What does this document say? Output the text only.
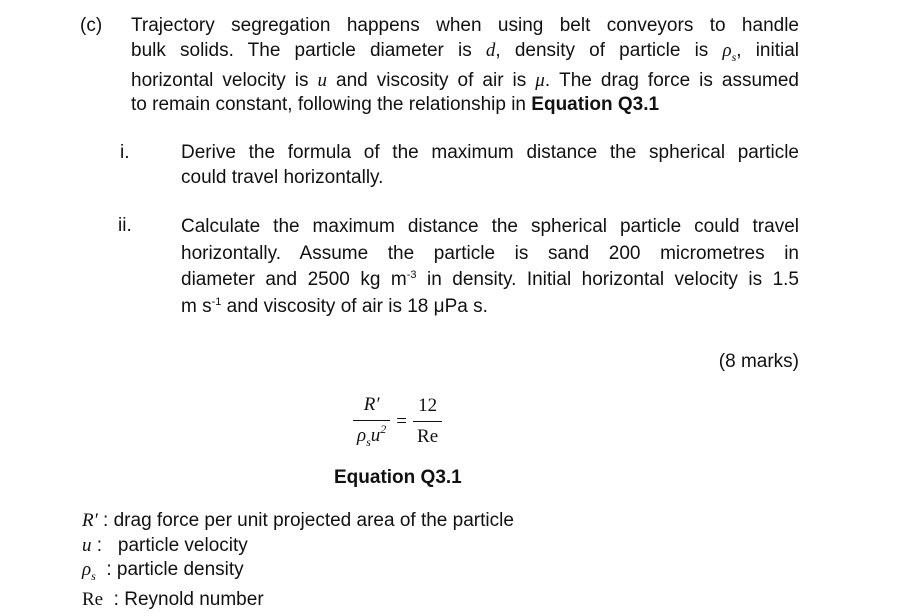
(c) Trajectory segregation happens when using belt conveyors to handle
bulk solids. The particle diameter is d, density of particle is $\rho_s$, initial
horizontal velocity is u and viscosity of air is μ. The drag force is assumed
to remain constant, following the relationship in Equation Q3.1
i.	Derive the formula of the maximum distance the spherical particle
could travel horizontally.
ii.	Calculate the maximum distance the spherical particle could travel
horizontally. Assume the particle is sand 200 micrometres in
diameter and 2500 kg $m^{-3}$ in density. Initial horizontal velocity is 1.5
m $s^{-1}$ and viscosity of air is 18 μPa s.
(8 marks)
$\frac{R'}{\rho_su^2} = \frac{12}{Re}$
Equation Q3.1
R′ : drag force per unit projected area of the particle
u :   particle velocity
$\rho_s$  : particle density
Re  : Reynold number
